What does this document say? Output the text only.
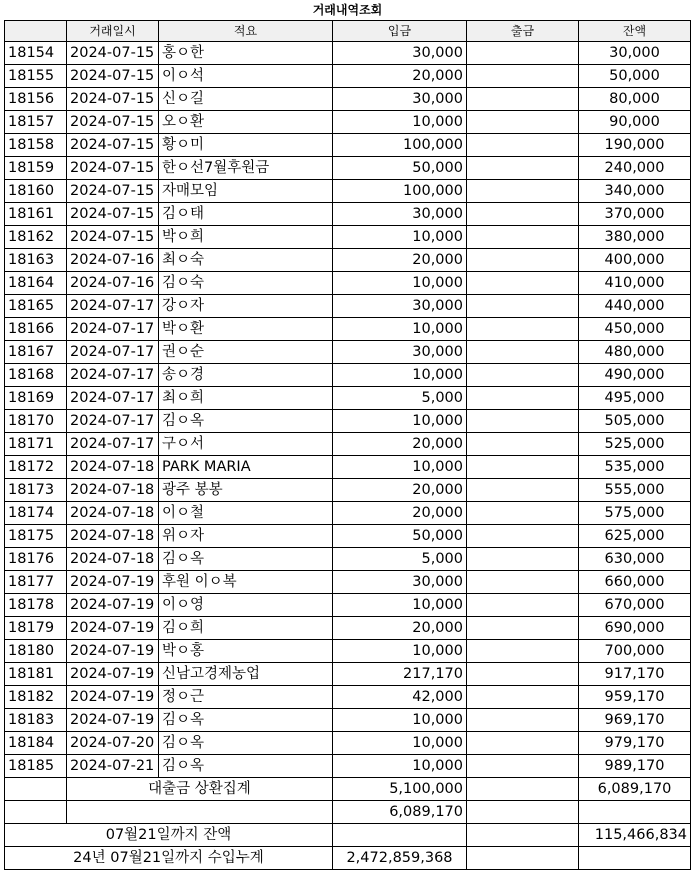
거래내역조회					
	거래일시	적요	입금	출금	잔액
18154	2024-07-15	홍ㅇ한	30,000		30,000
18155	2024-07-15	이ㅇ석	20,000		50,000
18156	2024-07-15	신ㅇ길	30,000		80,000
18157	2024-07-15	오ㅇ환	10,000		90,000
18158	2024-07-15	황ㅇ미	100,000		190,000
18159	2024-07-15	한ㅇ선7월후원금	50,000		240,000
18160	2024-07-15	자매모임	100,000		340,000
18161	2024-07-15	김ㅇ태	30,000		370,000
18162	2024-07-15	박ㅇ희	10,000		380,000
18163	2024-07-16	최ㅇ숙	20,000		400,000
18164	2024-07-16	김ㅇ숙	10,000		410,000
18165	2024-07-17	강ㅇ자	30,000		440,000
18166	2024-07-17	박ㅇ환	10,000		450,000
18167	2024-07-17	권ㅇ순	30,000		480,000
18168	2024-07-17	송ㅇ경	10,000		490,000
18169	2024-07-17	최ㅇ희	5,000		495,000
18170	2024-07-17	김ㅇ옥	10,000		505,000
18171	2024-07-17	구ㅇ서	20,000		525,000
18172	2024-07-18	PARK MARIA	10,000		535,000
18173	2024-07-18	광주 봉봉	20,000		555,000
18174	2024-07-18	이ㅇ철	20,000		575,000
18175	2024-07-18	위ㅇ자	50,000		625,000
18176	2024-07-18	김ㅇ옥	5,000		630,000
18177	2024-07-19	후원 이ㅇ복	30,000		660,000
18178	2024-07-19	이ㅇ영	10,000		670,000
18179	2024-07-19	김ㅇ희	20,000		690,000
18180	2024-07-19	박ㅇ홍	10,000		700,000
18181	2024-07-19	신남고경제농업	217,170		917,170
18182	2024-07-19	정ㅇ근	42,000		959,170
18183	2024-07-19	김ㅇ옥	10,000		969,170
18184	2024-07-20	김ㅇ옥	10,000		979,170
18185	2024-07-21	김ㅇ옥	10,000		989,170
	대출금 상환집계		5,100,000		6,089,170
			6,089,170		
07월21일까지 잔액					115,466,834
24년 07월21일까지 수입누계			2,472,859,368		
